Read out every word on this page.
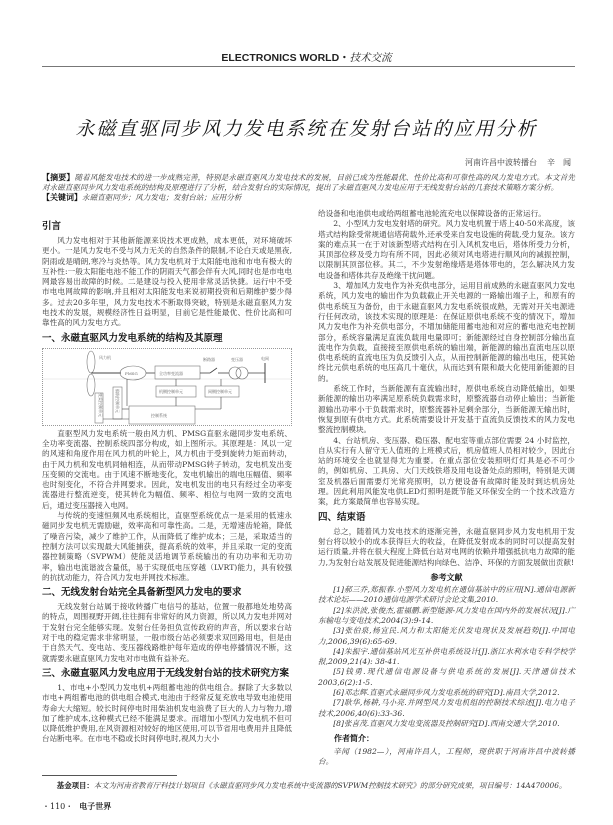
ELECTRONICS WORLD・技术交流
永磁直驱同步风力发电系统在发射台站的应用分析
河南许昌中波转播台 辛　闻
【摘要】随着风能发电技术的进一步成熟完善，特别是永磁直驱风力发电技术的发展，目前已成为性能最优、性价比高和可靠性高的风力发电方式。本文首先对永磁直驱同步风力发电系统的结构及原理进行了分析，结合发射台的实际情况，提出了永磁直驱风力发电应用于无线发射台站的几套技术策略方案分析。
【关键词】永磁直驱同步；风力发电；发射台站；应用分析
引言

风力发电相对于其他新能源来说技术更成熟，成本更低，对环境破坏更小。一是风力发电不受与风力无关的自然条件的限制,不论白天或是黑夜,阴雨或是晴朗,寒冷与炎热等。风力发电机对于太阳能电池和市电有极大的互补性:一般太阳能电池不能工作的阴雨天气都会伴有大风,同时也是市电电网最容易出故障的时候。二是建设与投入使用非常灵活快捷。运行中不受市电电网故障的影响,并且相对太阳能发电来说初期投资和后期维护要少得多。过去20多年里，风力发电技术不断取得突破，特别是永磁直驱风力发电技术的发展，规模经济性日益明显，目前它是性能最优、性价比高和可靠性高的风力发电方式。

一、永磁直驱风力发电系统的结构及其原理
风力机
PMSG	全功率变流器
断路器	变压器	电网
机侧控制单元	网侧控制单元
偏航控制单元
变桨控制单元	控制系统

直驱型风力发电系统一般由风力机、PMSG直驱永磁同步发电系统、全功率变流器、控制系统四部分构成，如上图所示。其原理是：风以一定的风速和角度作用在风力机的叶轮上，风力机由于受到旋转力矩而转动，由于风力机和发电机同轴相连，从而带动PMSG转子转动，发电机发出变压变频的交流电。由于风速不断地变化，发电机输出的端电压幅值、频率也时刻变化，不符合并网要求。因此，发电机发出的电只有经过全功率变流器进行整流逆变，使其转化为幅值、频率、相位与电网一致的交流电后，通过变压器接入电网。

与传统的变速恒频风电系统相比，直驱型系统优点一是采用的低速永磁同步发电机无需励磁，效率高和可靠性高。二是，无增速齿轮箱，降低了噪音污染，减少了维护工作，从而降低了维护成本；三是，采取适当的控制方法可以实现最大风能捕获，提高系统的效率，并且采取一定的变流器控制策略（SVPWM）使能灵活地调节系统输出的有功功率和无功功率，输出电流谐波含量低，易于实现低电压穿越（LVRT)能力，具有较强的抗扰动能力，符合风力发电并网技术标准。

二、无线发射台站完全具备新型风力发电的要求

无线发射台站属于接收转播广电信号的基站，位置一般都地处地势高的特点，周围视野开阔,往往拥有非常好的风力资源，所以风力发电并网对于发射台完全能够实现。发射台任务担负宣传政府的声音，所以要求台站对于电的稳定需求非常明显，一般市级台站必须要求双回路用电，但是由于自然天气、变电站、变压器线路维护每年造成的停电停播情况不断，这就需要永磁直驱风力发电对市电做有益补充。

三、永磁直驱风力发电应用于无线发射台站的技术研究方案

1、市电+小型风力发电机+两组蓄电池的供电组合。摒除了大多数以市电+两组蓄电池的供电组合模式,电池由于经常反复充放电导致电池使用寿命大大缩短。较长时间停电时用柴油机发电浪费了巨大的人力与物力,增加了维护成本,这种模式已经不能满足要求。而增加小型风力发电机不但可以降低维护费用,在风资源相对较好的地区使用,可以节省用电费用并且降低台站断电率。在市电不稳或长时间停电时,视风力大小

给设备和电池供电或给两组蓄电池轮流充电以保障设备的正常运行。

2、小型风力发电发射塔的研究。风力发电机置于塔上40-50米高度，该塔式结构除受常规通信塔荷载外,还承受来自发电设施的荷载,受力复杂。该方案的难点其一在于对该新型塔式结构在引入风机发电后，塔体所受力分析，其顶部位移及受力均有所不同，因此必须对风电塔进行顺风向的减振控制，以限制其顶部位移。其二，不少发射绝缘塔是塔体带电的，怎么解决风力发电设备和塔体共存及绝缘干扰问题。

3、增加风力发电作为补充供电部分，运用目前成熟的永磁直驱风力发电系统，风力发电的输出作为负载截止开关电源的一路输出端子上，和原有的供电系统互为备份，由于永磁直驱风力发电系统很成熟，无需对开关电源进行任何改动，该技术实现的原理是：在保证原供电系统不变的情况下，增加风力发电作为补充供电部分，不增加储能用蓄电池和对应的蓄电池充电控制部分，系统容量满足直流负载用电量即可；新能源经过自身控制部分输出直流电作为负载，直接接至原供电系统的输出端，新能源的输出直流电压以原供电系统的直流电压为负反馈引入点，从而控制新能源的输出电压，使其始终比元供电系统的电压高几十毫伏，从而达到有限和最大化使用新能源的目的。

系统工作时，当新能源有直流输出时，原供电系统自动降低输出，如果新能源的输出功率满足原系统负载需求时，原整流器自动停止输出；当新能源输出功率小于负载需求时，原整流器补足剩余部分，当新能源无输出时，恢复到原有供电方式。此系统需要设计开发基于直流负反馈技术的风力发电整流控制模块。

4、台站机房、变压器、稳压器、配电室等重点部位需要 24 小时监控，自从实行有人留守无人值班的上班模式后，机房值班人员相对较少，因此台站的环境安全也就显得尤为重要。在重点部位安装照明灯灯具是必不可少的，例如机房、工具房、大门天线铁塔及用电设备处点的照明，特别是天调室及机器后面需要灯光常亮照明，以方便设备有故障时能及时到达机房处理。因此利用风能发电供LED灯照明是既节能又环保安全的一个技术改造方案，此方案最简单也容易实现。

四、结束语

总之，随着风力发电技术的逐渐完善，永磁直驱同步风力发电机用于发射台将以较小的成本获得巨大的收益，在降低发射成本的同时可以提高发射运行质量,并将在很大程度上降低台站对电网的依赖并增强抵抗电力故障的能力,为发射台站发展及促进能源结构向绿色、洁净、环保的方面发展做出贡献!

参考文献

[1]郝三乔,郑振春.小型风力发电机在通信基站中的应用[N].通信电源新技术论坛——2010通信电源学术研讨会论文集,2010.

[2]朱洪波,张俊杰,霍福鹏.新型能源-风力发电在国内外的发展状况[J].广东输电与变电技术,2004(3):9-14.

[3]张伯泉,杨宜民.风力和太阳能光伏发电现状及发展趋势[J].中国电力,2006,39(6):65-69.

[4]朱振宇.通信基站风光互补供电系统设计[J].浙江水利水电专科学校学报,2009,21(4): 38-41.

[5]钱勇.现代通信电源设备与供电系统的发展[J].天津通信技术2003,6(2):1-5.

[6]邓志辉.直驱式永磁同步风力发电系统的研究[D].南昌大学,2012.

[7]耿华,杨耕,马小亮.并网型风力发电机组的控制技术综述[J].电力电子技术,2006,40(6):33-36.

[8]张喜茂.直驱风力发电变流器及控制研究[D].西南交通大学,2010.

作者简介：

辛闻（1982—），河南许昌人，工程师，现供职于河南许昌中波转播台。

基金项目：本文为河南省教育厅科技计划项目《永磁直驱同步风力发电系统中变流器的SVPWM控制技术研究》的部分研究成果，项目编号：14A470006。
・110・ 电子世界
